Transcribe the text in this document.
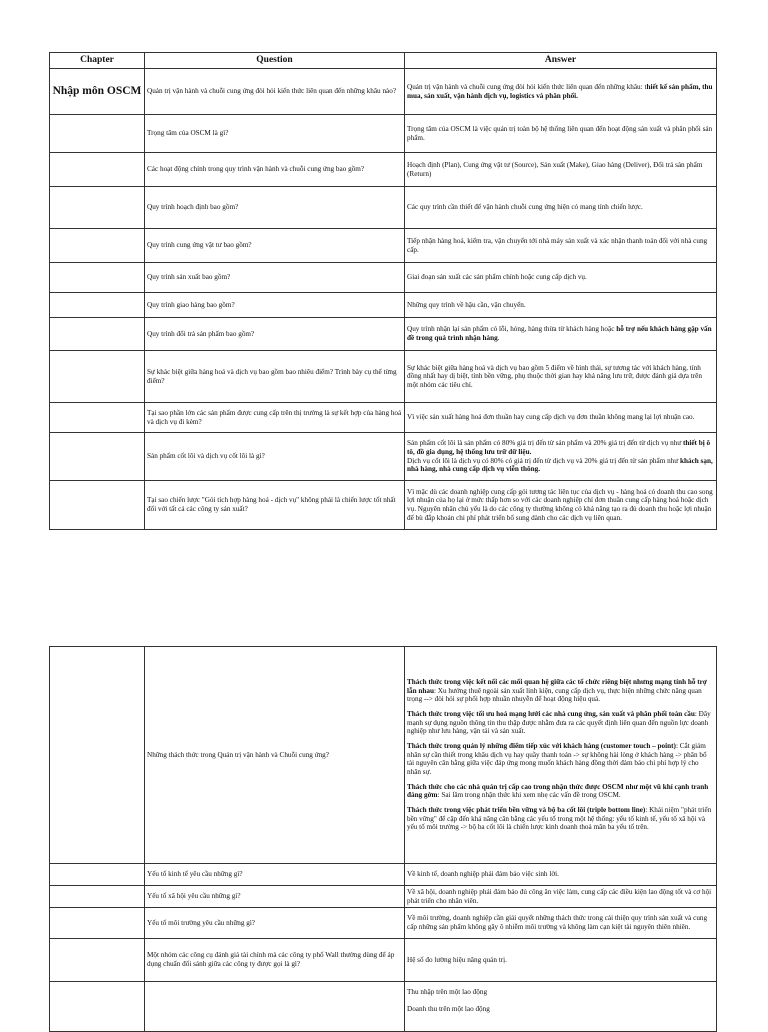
Chapter	Question	Answer
Nhập môn OSCM	Quản trị vận hành và chuỗi cung ứng đòi hỏi kiến thức liên quan đến những khâu nào?	Quản trị vận hành và chuỗi cung ứng đòi hỏi kiến thức liên quan đến những khâu: thiết kế sản phẩm, thu mua, sản xuất, vận hành dịch vụ, logistics và phân phối.
	Trọng tâm của OSCM là gì?	Trọng tâm của OSCM là việc quản trị toàn bộ hệ thống liên quan đến hoạt động sản xuất và phân phối sản phẩm.
	Các hoạt động chính trong quy trình vận hành và chuỗi cung ứng bao gồm?	Hoạch định (Plan), Cung ứng vật tư (Source), Sản xuất (Make), Giao hàng (Deliver), Đổi trả sản phẩm (Return)
	Quy trình hoạch định bao gồm?	Các quy trình cần thiết để vận hành chuỗi cung ứng hiện có mang tính chiến lược.
	Quy trình cung ứng vật tư bao gồm?	Tiếp nhận hàng hoá, kiểm tra, vận chuyển tới nhà máy sản xuất và xác nhận thanh toán đối với nhà cung cấp.
	Quy trình sản xuất bao gồm?	Giai đoạn sản xuất các sản phẩm chính hoặc cung cấp dịch vụ.
	Quy trình giao hàng bao gồm?	Những quy trình về hậu cần, vận chuyển.
	Quy trình đổi trả sản phẩm bao gồm?	Quy trình nhận lại sản phẩm có lỗi, hỏng, hàng thừa từ khách hàng hoặc hỗ trợ nếu khách hàng gặp vấn đề trong quá trình nhận hàng.
	Sự khác biệt giữa hàng hoá và dịch vụ bao gồm bao nhiêu điểm? Trình bày cụ thể từng điểm?	Sự khác biệt giữa hàng hoá và dịch vụ bao gồm 5 điểm về hình thái, sự tương tác với khách hàng, tính đồng nhất hay dị biệt, tính bền vững, phụ thuộc thời gian hay khả năng lưu trữ, được đánh giá dựa trên một nhóm các tiêu chí.
	Tại sao phần lớn các sản phẩm được cung cấp trên thị trường là sự kết hợp của hàng hoá và dịch vụ đi kèm?	Vì việc sản xuất hàng hoá đơn thuần hay cung cấp dịch vụ đơn thuần không mang lại lợi nhuận cao.
	Sản phẩm cốt lõi và dịch vụ cốt lõi là gì?	Sản phẩm cốt lõi là sản phẩm có 80% giá trị đến từ sản phẩm và 20% giá trị đến từ dịch vụ như thiết bị ô tô, đồ gia dụng, hệ thống lưu trữ dữ liệu.
Dịch vụ cốt lõi là dịch vụ có 80% có giá trị đến từ dịch vụ và 20% giá trị đến từ sản phẩm như khách sạn, nhà hàng, nhà cung cấp dịch vụ viễn thông.
	Tại sao chiến lược "Gói tích hợp hàng hoá - dịch vụ" không phải là chiến lược tốt nhất đối với tất cả các công ty sản xuất?	Vì mặc dù các doanh nghiệp cung cấp gói tương tác liên tục của dịch vụ - hàng hoá có doanh thu cao song lợi nhuận của họ lại ở mức thấp hơn so với các doanh nghiệp chỉ đơn thuần cung cấp hàng hoá hoặc dịch vụ. Nguyên nhân chủ yếu là do các công ty thường không có khả năng tạo ra đủ doanh thu hoặc lợi nhuận để bù đắp khoản chi phí phát triển bổ sung dành cho các dịch vụ liên quan.
	Những thách thức trong Quản trị vận hành và Chuỗi cung ứng?	Thách thức trong việc kết nối các mối quan hệ giữa các tổ chức riêng biệt nhưng mạng tính hỗ trợ lẫn nhau: Xu hướng thuê ngoài sản xuất linh kiện, cung cấp dịch vụ, thực hiện những chức năng quan trọng --> đòi hỏi sự phối hợp nhuần nhuyễn để hoạt động hiệu quả.
Thách thức trong việc tối ưu hoá mạng lưới các nhà cung ứng, sản xuất và phân phối toàn cầu: Đây mạnh sự dụng nguồn thông tin thu thập được nhằm đưa ra các quyết định liên quan đến nguồn lực doanh nghiệp như lưu hàng, vận tải và sản xuất.
Thách thức trong quản lý những điểm tiếp xúc với khách hàng (customer touch – point): Cắt giảm nhân sự cần thiết trong khâu dịch vụ hay quầy thanh toán -> sự không hài lòng ở khách hàng -> phân bổ tài nguyên cân bằng giữa việc đáp ứng mong muốn khách hàng đồng thời đảm bảo chi phí hợp lý cho nhân sự.
Thách thức cho các nhà quản trị cấp cao trong nhận thức được OSCM như một vũ khí cạnh tranh đáng gờm: Sai lầm trong nhận thức khi xem nhẹ các vấn đề trong OSCM.
Thách thức trong việc phát triển bền vững và bộ ba cốt lõi (triple bottom line): Khái niệm "phát triển bền vững" để cập đến khả năng cân bằng các yếu tố trong một hệ thống: yếu tố kinh tế, yếu tố xã hội và yếu tố môi trường -> bộ ba cốt lõi là chiến lược kinh doanh thoả mãn ba yếu tố trên.

	Yếu tố kinh tế yêu cầu những gì?	Về kinh tế, doanh nghiệp phải đảm bảo việc sinh lời.
	Yếu tố xã hội yêu cầu những gì?	Về xã hội, doanh nghiệp phải đảm bảo đủ công ăn việc làm, cung cấp các điều kiện lao động tốt và cơ hội phát triển cho nhân viên.
	Yếu tố môi trường yêu cầu những gì?	Về môi trường, doanh nghiệp cần giải quyết những thách thức trong cải thiện quy trình sản xuất và cung cấp những sản phẩm không gây ô nhiễm môi trường và không làm cạn kiệt tài nguyên thiên nhiên.
	Một nhóm các công cụ đánh giá tài chính mà các công ty phố Wall thường dùng để áp dụng chuẩn đối sánh giữa các công ty được gọi là gì?	Hệ số đo lường hiệu năng quản trị.

		Thu nhập trên một lao động
Doanh thu trên một lao động
